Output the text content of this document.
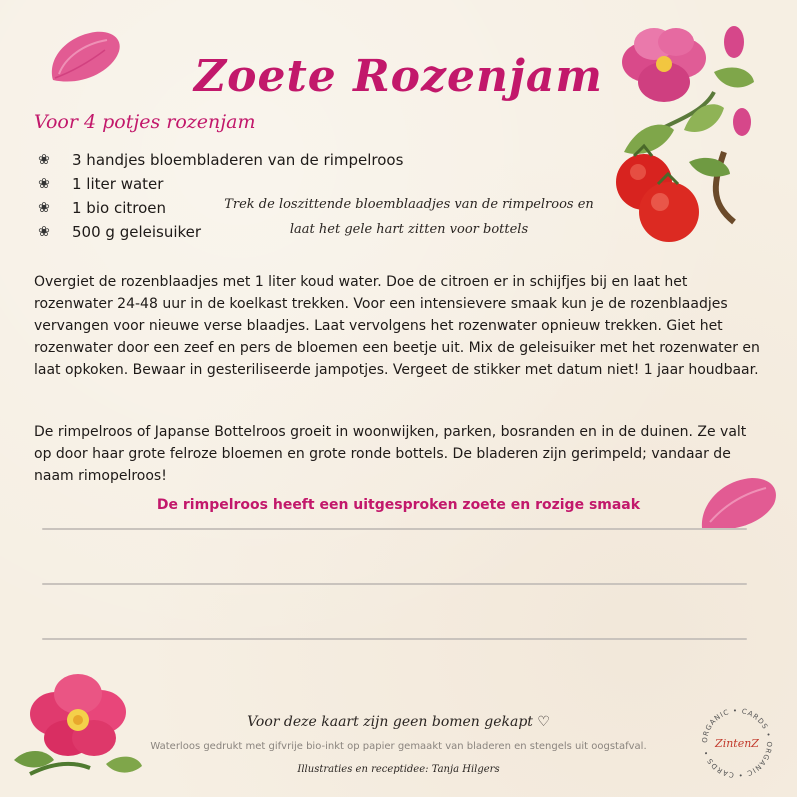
Zoete Rozenjam
Voor 4 potjes rozenjam
❀ 3 handjes bloembladeren van de rimpelroos
❀ 1 liter water
❀ 1 bio citroen
❀ 500 g geleisuiker
Trek de loszittende bloemblaadjes van de rimpelroos en laat het gele hart zitten voor bottels

Overgiet de rozenblaadjes met 1 liter koud water. Doe de citroen er in schijfjes bij en laat het rozenwater 24-48 uur in de koelkast trekken. Voor een intensievere smaak kun je de rozenblaadjes vervangen voor nieuwe verse blaadjes. Laat vervolgens het rozenwater opnieuw trekken. Giet het rozenwater door een zeef en pers de bloemen een beetje uit. Mix de geleisuiker met het rozenwater en laat opkoken. Bewaar in gesteriliseerde jampotjes. Vergeet de stikker met datum niet! 1 jaar houdbaar.

De rimpelroos of Japanse Bottelroos groeit in woonwijken, parken, bosranden en in de duinen. Ze valt op door haar grote felroze bloemen en grote ronde bottels. De bladeren zijn gerimpeld; vandaar de naam rimopelroos!

De rimpelroos heeft een uitgesproken zoete en rozige smaak
Voor deze kaart zijn geen bomen gekapt ♡
Waterloos gedrukt met gifvrije bio-inkt op papier gemaakt van bladeren en stengels uit oogstafval.
Illustraties en receptidee: Tanja Hilgers
ORGANIC • CARDS • ORGANIC • CARDS •
ZintenZ
